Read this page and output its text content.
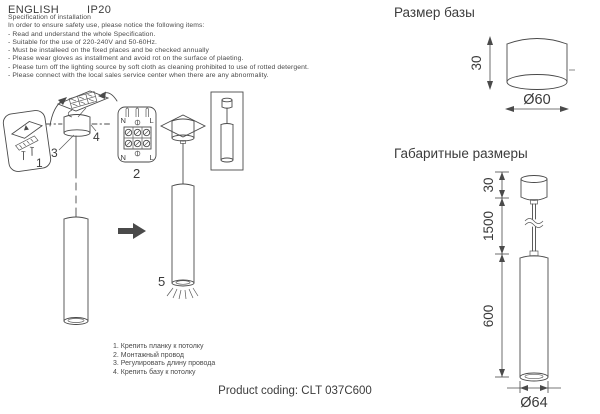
ENGLISH	IP20
Specification of installation
In order to ensure safety use, please notice the following items:
- Read and understand the whole Specification.
- Suitable for the use of 220-240V and 50-60Hz.
- Must be installeed on the fixed places and be checked annually
- Please wear gloves as installment and avoid rot on the surface of plaeting.
- Please turn off the lighting source by soft cloth as cleaning prohibited to use of rotted detergent.
- Please connect with the local sales service center when there are any abnormality.
1
4
3
N	L
N	L
2
5
1. Крепить планку к потолку
2. Монтажный провод
3. Регулировать длину провода
4. Крепить базу к потолку
Product coding: CLT 037C600
Размер базы
30
Ø60
Габаритные размеры
30
1500
600
Ø64
